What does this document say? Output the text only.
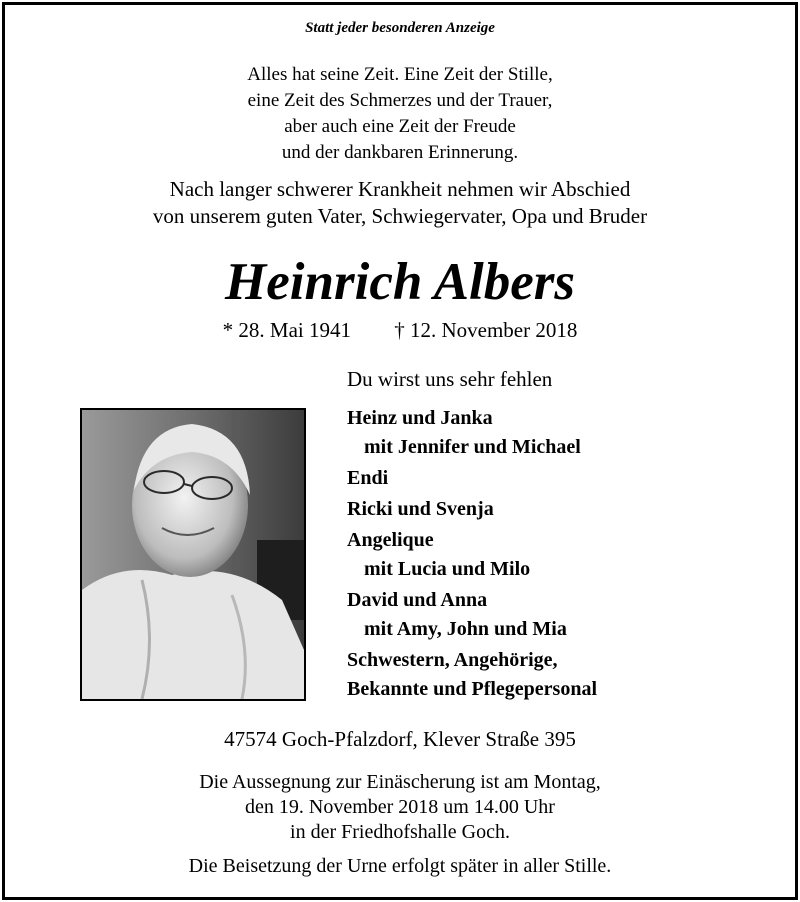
Statt jeder besonderen Anzeige
Alles hat seine Zeit. Eine Zeit der Stille,
eine Zeit des Schmerzes und der Trauer,
aber auch eine Zeit der Freude
und der dankbaren Erinnerung.
Nach langer schwerer Krankheit nehmen wir Abschied
von unserem guten Vater, Schwiegervater, Opa und Bruder
Heinrich Albers
* 28. Mai 1941 † 12. November 2018
Du wirst uns sehr fehlen
Heinz und Janka
mit Jennifer und Michael
Endi
Ricki und Svenja
Angelique
mit Lucia und Milo
David und Anna
mit Amy, John und Mia
Schwestern, Angehörige,
Bekannte und Pflegepersonal
47574 Goch-Pfalzdorf, Klever Straße 395
Die Aussegnung zur Einäscherung ist am Montag,
den 19. November 2018 um 14.00 Uhr
in der Friedhofshalle Goch.
Die Beisetzung der Urne erfolgt später in aller Stille.
